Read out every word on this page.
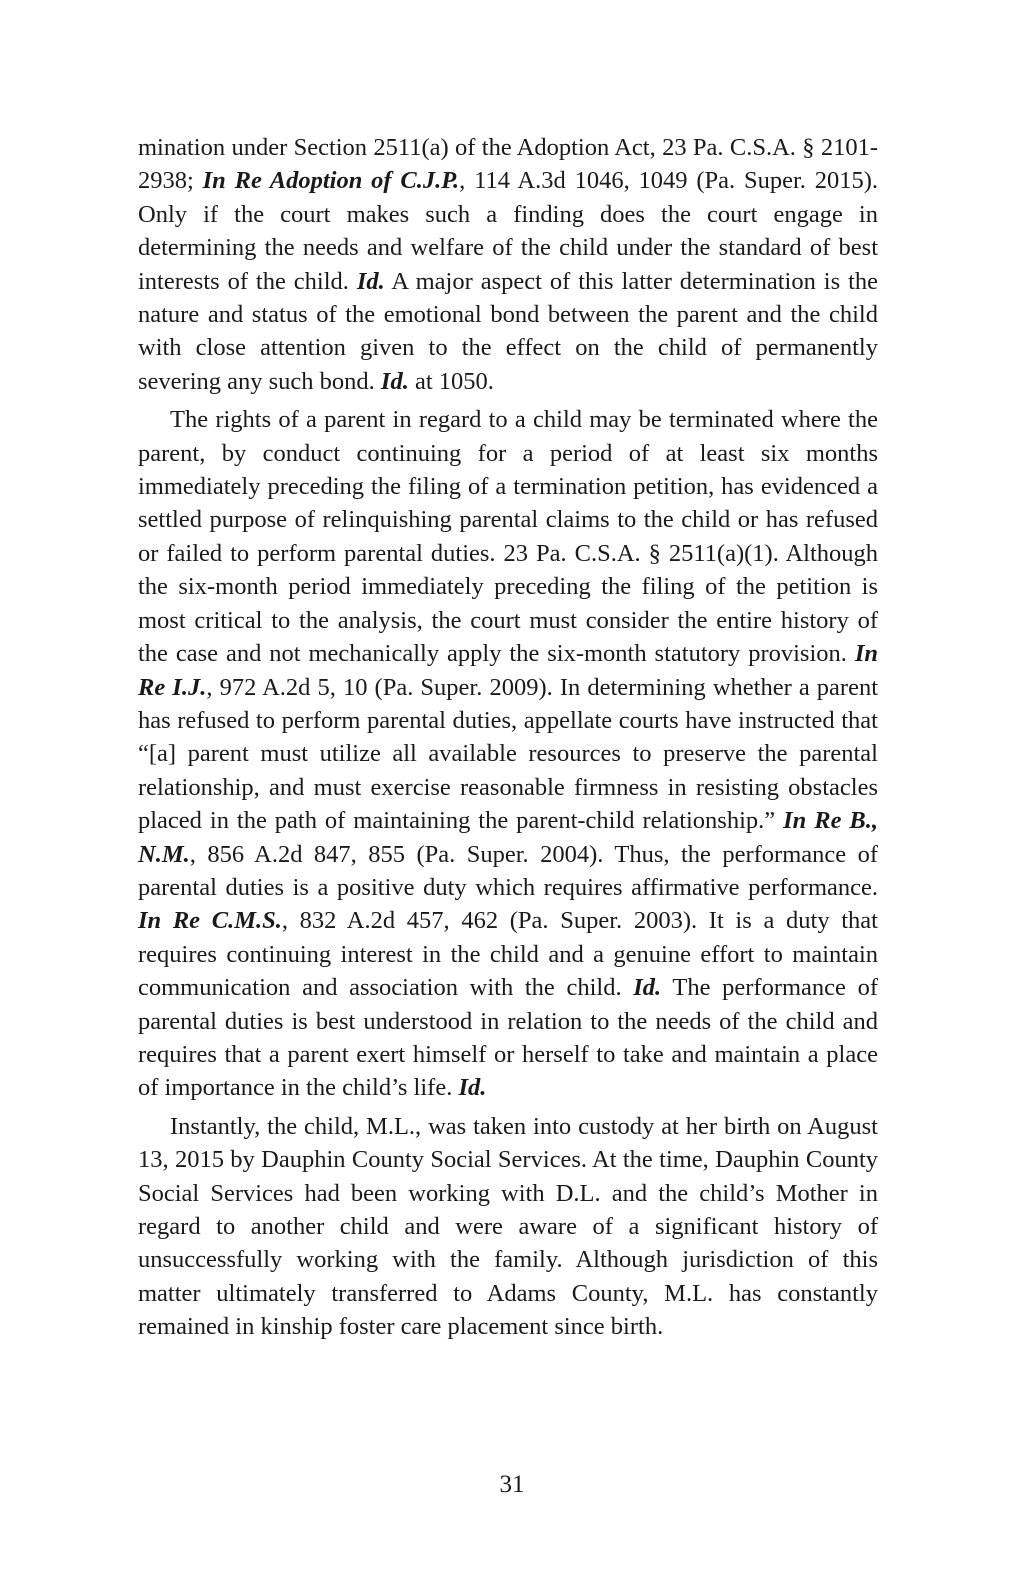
mination under Section 2511(a) of the Adoption Act, 23 Pa. C.S.A. § 2101-2938; In Re Adoption of C.J.P., 114 A.3d 1046, 1049 (Pa. Super. 2015). Only if the court makes such a finding does the court engage in determining the needs and welfare of the child under the standard of best interests of the child. Id. A major aspect of this latter determination is the nature and status of the emotional bond between the parent and the child with close attention given to the effect on the child of permanently severing any such bond. Id. at 1050.

The rights of a parent in regard to a child may be terminated where the parent, by conduct continuing for a period of at least six months immediately preceding the filing of a termination petition, has evidenced a settled purpose of relinquishing parental claims to the child or has refused or failed to perform parental duties. 23 Pa. C.S.A. § 2511(a)(1). Although the six-month period immediately preceding the filing of the petition is most critical to the analysis, the court must consider the entire history of the case and not mechanically apply the six-month statutory provision. In Re I.J., 972 A.2d 5, 10 (Pa. Super. 2009). In determining whether a parent has refused to perform parental duties, appellate courts have instructed that “[a] parent must utilize all available resources to preserve the parental relationship, and must exercise reasonable firmness in resisting obstacles placed in the path of maintaining the parent-child relationship.” In Re B., N.M., 856 A.2d 847, 855 (Pa. Super. 2004). Thus, the performance of parental duties is a positive duty which requires affirmative performance. In Re C.M.S., 832 A.2d 457, 462 (Pa. Super. 2003). It is a duty that requires continuing interest in the child and a genuine effort to maintain communication and association with the child. Id. The performance of parental duties is best understood in relation to the needs of the child and requires that a parent exert himself or herself to take and maintain a place of importance in the child’s life. Id.

Instantly, the child, M.L., was taken into custody at her birth on August 13, 2015 by Dauphin County Social Services. At the time, Dauphin County Social Services had been working with D.L. and the child’s Mother in regard to another child and were aware of a significant history of unsuccessfully working with the family. Although jurisdiction of this matter ultimately transferred to Adams County, M.L. has constantly remained in kinship foster care placement since birth.

31
